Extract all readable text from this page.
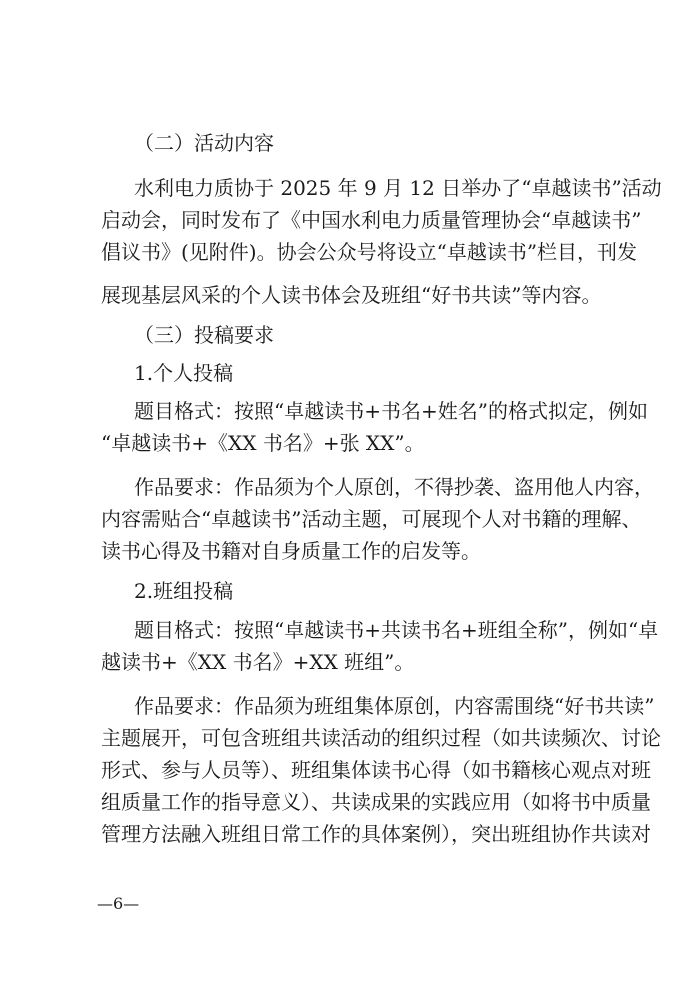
（二）活动内容
水利电力质协于 2025 年 9 月 12 日举办了“卓越读书”活动
启动会，同时发布了《中国水利电力质量管理协会“卓越读书”
倡议书》(见附件)。协会公众号将设立“卓越读书”栏目，刊发
展现基层风采的个人读书体会及班组“好书共读”等内容。
（三）投稿要求
1.个人投稿
题目格式：按照“卓越读书+书名+姓名”的格式拟定，例如
“卓越读书+《XX 书名》+张 XX”。
作品要求：作品须为个人原创，不得抄袭、盗用他人内容，
内容需贴合“卓越读书”活动主题，可展现个人对书籍的理解、
读书心得及书籍对自身质量工作的启发等。
2.班组投稿
题目格式：按照“卓越读书+共读书名+班组全称”，例如“卓
越读书+《XX 书名》+XX 班组”。
作品要求：作品须为班组集体原创，内容需围绕“好书共读”
主题展开，可包含班组共读活动的组织过程（如共读频次、讨论
形式、参与人员等）、班组集体读书心得（如书籍核心观点对班
组质量工作的指导意义）、共读成果的实践应用（如将书中质量
管理方法融入班组日常工作的具体案例），突出班组协作共读对
—6—
